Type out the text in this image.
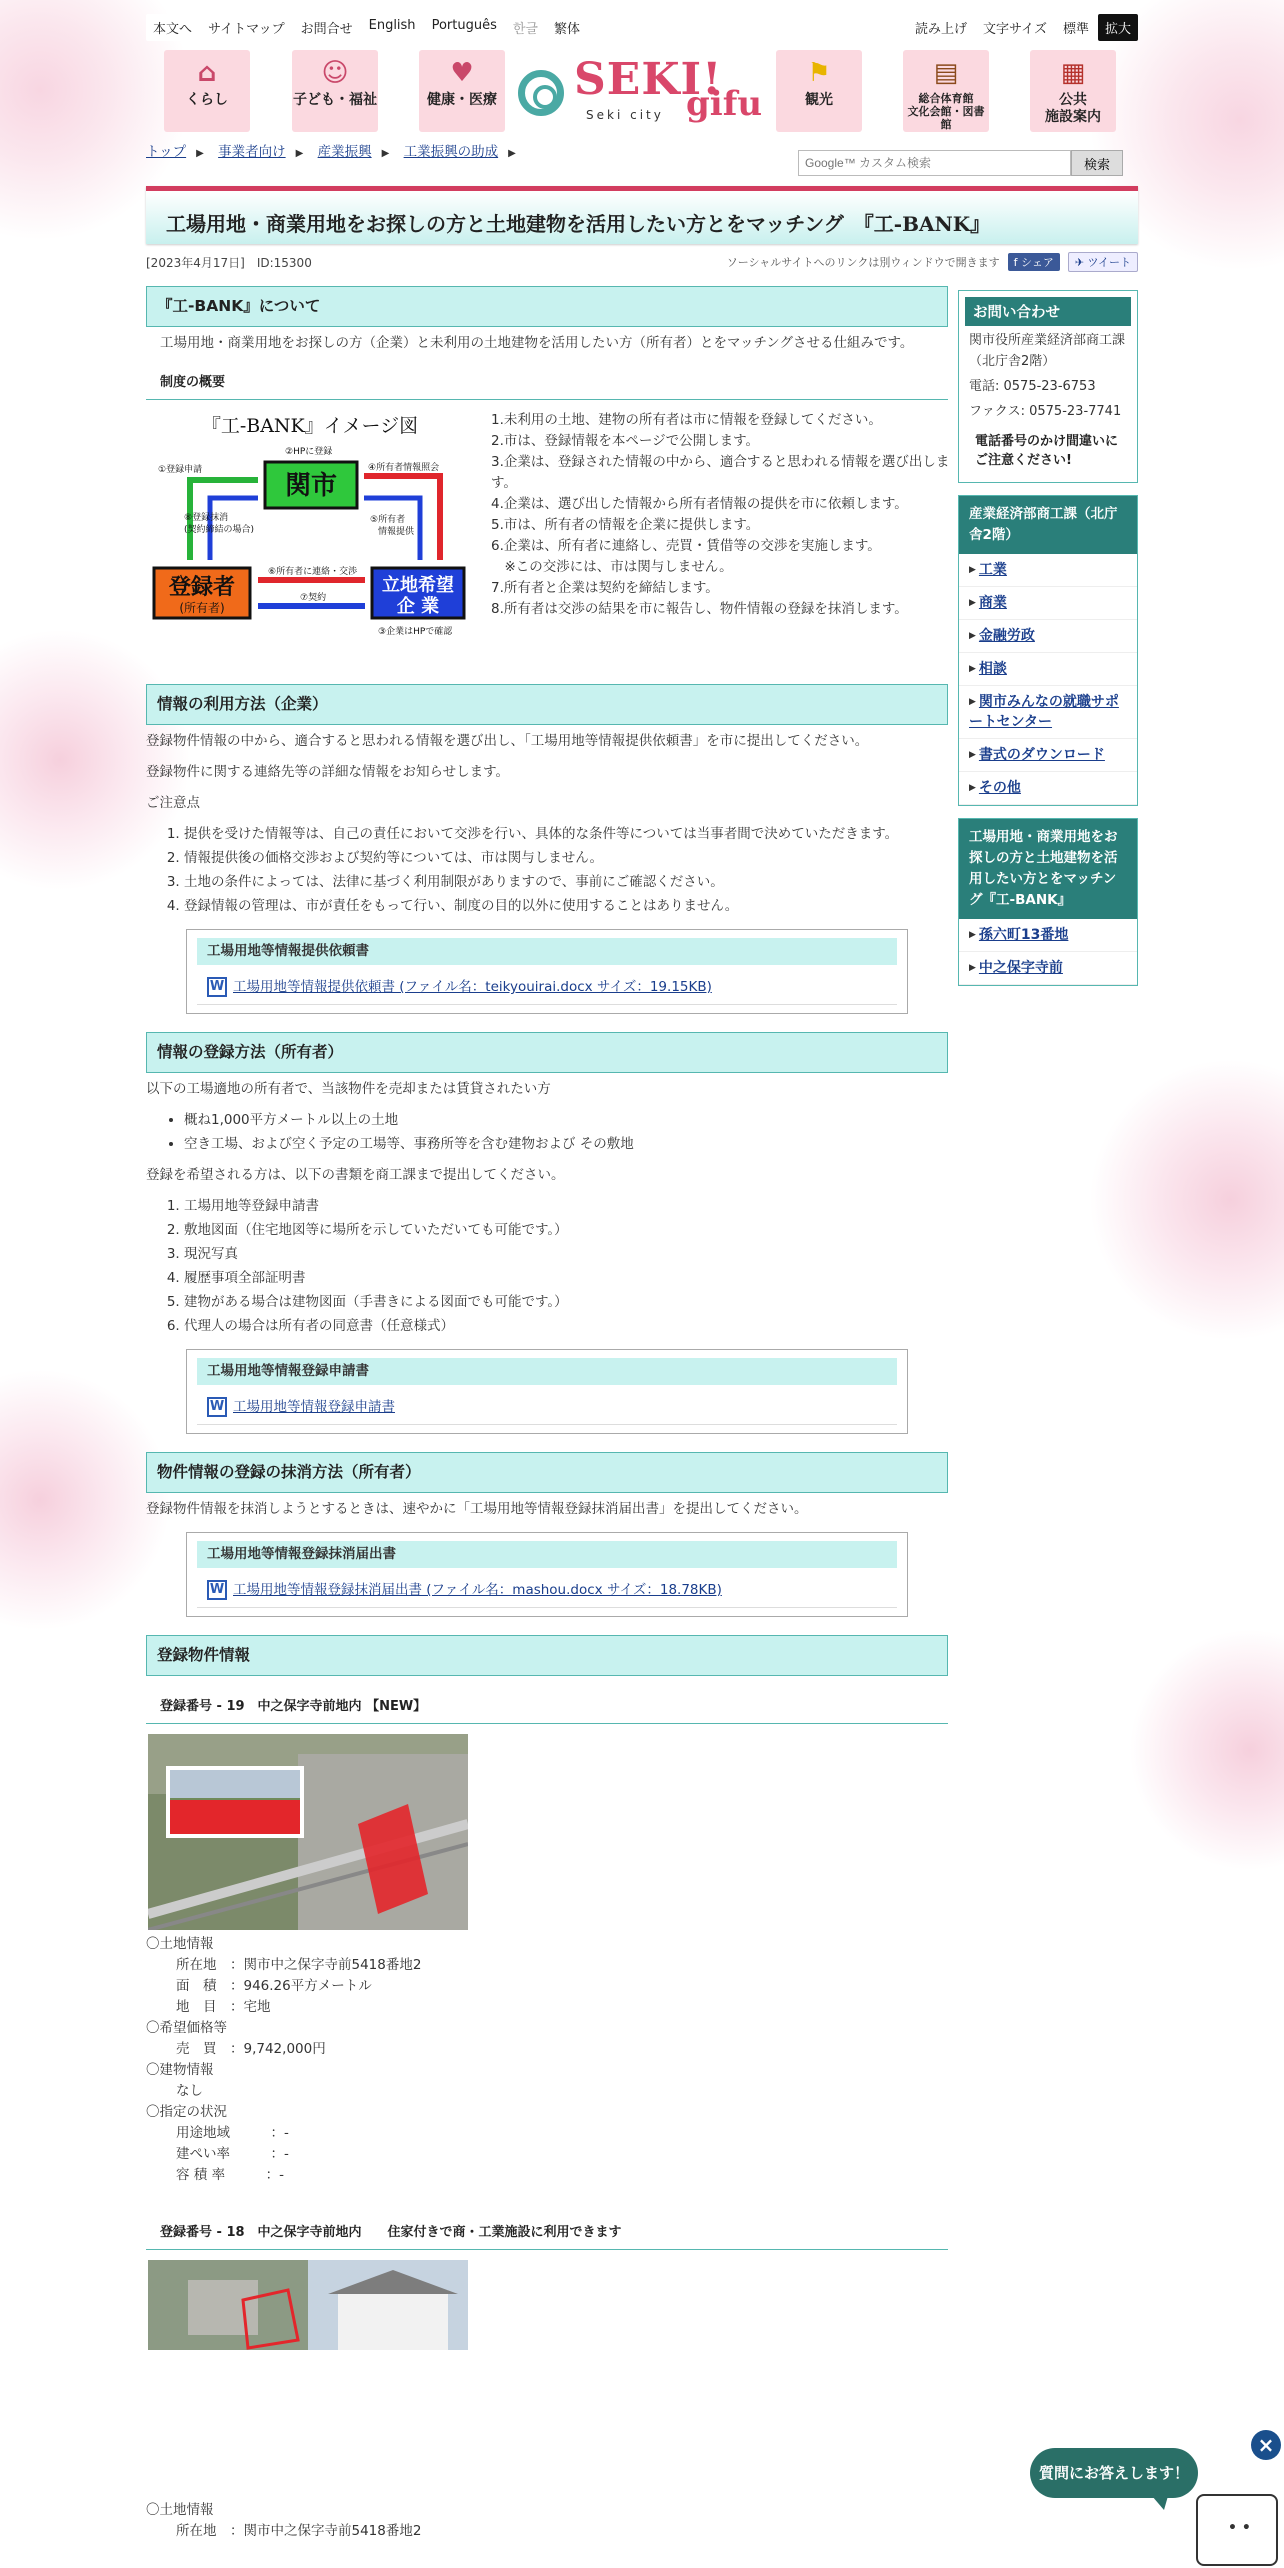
本文へ	サイトマップ	お問合せ	English	Português	한글	繁体	読み上げ	文字サイズ	標準	拡大
⌂
くらし
☺
子ども・福祉
♥
健康・医療 SEKI!
gifu
Seki city
⚑
観光
▤
総合体育館
文化会館・図書館
▦
公共
施設案内
トップ ▶ 事業者向け ▶ 産業振興 ▶ 工業振興の助成 ▶
Google™ カスタム検索
検索
工場用地・商業用地をお探しの方と土地建物を活用したい方とをマッチング　『工-BANK』
[2023年4月17日]　 ID:15300	ソーシャルサイトへのリンクは別ウィンドウで開きます	f シェア	✈ ツイート
『工-BANK』について

工場用地・商業用地をお探しの方（企業）と未利用の土地建物を活用したい方（所有者）とをマッチングさせる仕組みです。

制度の概要
『工-BANK』イメージ図
関市
登録者
(所有者)
立地希望
企 業
①登録申請
②HPに登録
③企業はHPで確認
④所有者情報照会
⑤所有者
情報提供
⑥所有者に連絡・交渉
⑦契約
⑧登録抹消
(契約締結の場合)
1.未利用の土地、建物の所有者は市に情報を登録してください。
2.市は、登録情報を本ページで公開します。
3.企業は、登録された情報の中から、適合すると思われる情報を選び出します。
4.企業は、選び出した情報から所有者情報の提供を市に依頼します。
5.市は、所有者の情報を企業に提供します。
6.企業は、所有者に連絡し、売買・賃借等の交渉を実施します。
　※この交渉には、市は関与しません。
7.所有者と企業は契約を締結します。
8.所有者は交渉の結果を市に報告し、物件情報の登録を抹消します。
情報の利用方法（企業）

登録物件情報の中から、適合すると思われる情報を選び出し、「工場用地等情報提供依頼書」を市に提出してください。

登録物件に関する連絡先等の詳細な情報をお知らせします。

ご注意点

1. 提供を受けた情報等は、自己の責任において交渉を行い、具体的な条件等については当事者間で決めていただきます。
2. 情報提供後の価格交渉および契約等については、市は関与しません。
3. 土地の条件によっては、法律に基づく利用制限がありますので、事前にご確認ください。
4. 登録情報の管理は、市が責任をもって行い、制度の目的以外に使用することはありません。
工場用地等情報提供依頼書
W 工場用地等情報提供依頼書 (ファイル名：teikyouirai.docx サイズ：19.15KB)
情報の登録方法（所有者）

以下の工場適地の所有者で、当該物件を売却または賃貸されたい方

• 概ね1,000平方メートル以上の土地
• 空き工場、および空く予定の工場等、事務所等を含む建物および その敷地

登録を希望される方は、以下の書類を商工課まで提出してください。

1. 工場用地等登録申請書
2. 敷地図面（住宅地図等に場所を示していただいても可能です。）
3. 現況写真
4. 履歴事項全部証明書
5. 建物がある場合は建物図面（手書きによる図面でも可能です。）
6. 代理人の場合は所有者の同意書（任意様式）
工場用地等情報登録申請書
W 工場用地等情報登録申請書
物件情報の登録の抹消方法（所有者）

登録物件情報を抹消しようとするときは、速やかに「工場用地等情報登録抹消届出書」を提出してください。

工場用地等情報登録抹消届出書
W 工場用地等情報登録抹消届出書 (ファイル名：mashou.docx サイズ：18.78KB)
登録物件情報
登録番号 - 19　中之保字寺前地内 【NEW】
〇土地情報
所在地　：関市中之保字寺前5418番地2
面　積　：946.26平方メートル
地　目　：宅地
〇希望価格等
売　買　：9,742,000円
〇建物情報
なし
〇指定の状況
用途地域　　　：-
建ぺい率　　　：-
容 積 率　　　：-
登録番号 - 18　中之保字寺前地内　　住家付きで商・工業施設に利用できます
〇土地情報
所在地　：関市中之保字寺前5418番地2
お問い合わせ
関市役所産業経済部商工課（北庁舎2階）
電話: 0575-23-6753
ファクス: 0575-23-7741
電話番号のかけ間違いにご注意ください!
産業経済部商工課（北庁舎2階）
▶ 工業
▶ 商業
▶ 金融労政
▶ 相談
▶ 関市みんなの就職サポートセンター
▶ 書式のダウンロード
▶ その他
工場用地・商業用地をお探しの方と土地建物を活用したい方とをマッチング『工-BANK』
▶ 孫六町13番地
▶ 中之保字寺前
×
質問にお答えします！
• •
